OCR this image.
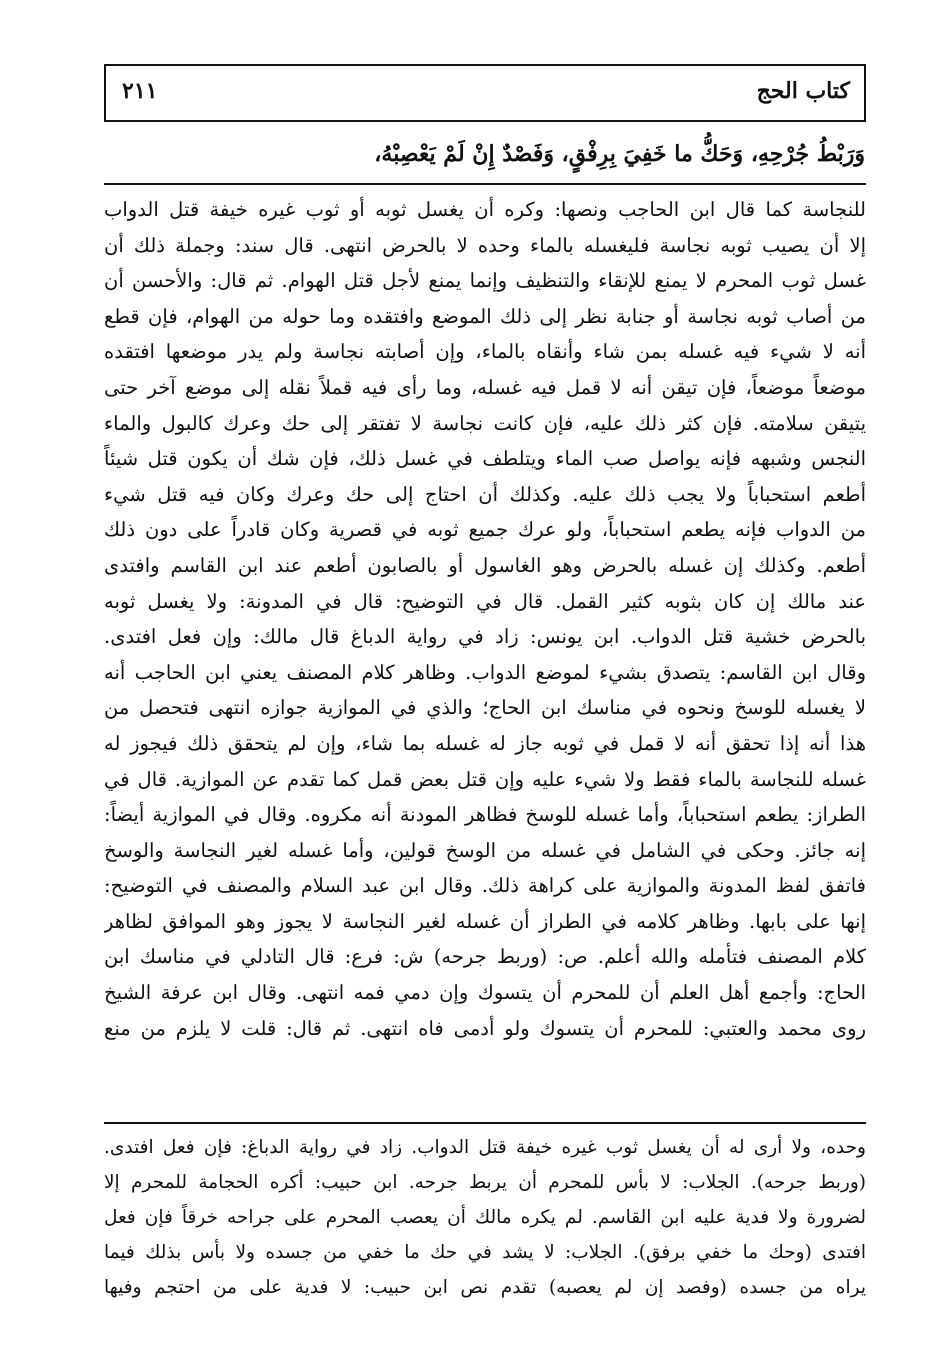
كتاب الحج
٢١١
وَرَبْطُ جُرْحِهِ، وَحَكُّ ما خَفِيَ بِرِفْقٍ، وَفَصْدٌ إِنْ لَمْ يَعْصِبْهُ،
للنجاسة كما قال ابن الحاجب ونصها: وكره أن يغسل ثوبه أو ثوب غيره خيفة قتل الدواب
إلا أن يصيب ثوبه نجاسة فليغسله بالماء وحده لا بالحرض انتهى. قال سند: وجملة ذلك أن
غسل ثوب المحرم لا يمنع للإنقاء والتنظيف وإنما يمنع لأجل قتل الهوام. ثم قال: والأحسن أن
من أصاب ثوبه نجاسة أو جنابة نظر إلى ذلك الموضع وافتقده وما حوله من الهوام، فإن قطع
أنه لا شيء فيه غسله بمن شاء وأنقاه بالماء، وإن أصابته نجاسة ولم يدر موضعها افتقده
موضعاً موضعاً، فإن تيقن أنه لا قمل فيه غسله، وما رأى فيه قملاً نقله إلى موضع آخر حتى
يتيقن سلامته. فإن كثر ذلك عليه، فإن كانت نجاسة لا تفتقر إلى حك وعرك كالبول والماء
النجس وشبهه فإنه يواصل صب الماء ويتلطف في غسل ذلك، فإن شك أن يكون قتل شيئاً
أطعم استحباباً ولا يجب ذلك عليه. وكذلك أن احتاج إلى حك وعرك وكان فيه قتل شيء
من الدواب فإنه يطعم استحباباً، ولو عرك جميع ثوبه في قصرية وكان قادراً على دون ذلك
أطعم. وكذلك إن غسله بالحرض وهو الغاسول أو بالصابون أطعم عند ابن القاسم وافتدى
عند مالك إن كان بثوبه كثير القمل. قال في التوضيح: قال في المدونة: ولا يغسل ثوبه
بالحرض خشية قتل الدواب. ابن يونس: زاد في رواية الدباغ قال مالك: وإن فعل افتدى.
وقال ابن القاسم: يتصدق بشيء لموضع الدواب. وظاهر كلام المصنف يعني ابن الحاجب أنه
لا يغسله للوسخ ونحوه في مناسك ابن الحاج؛ والذي في الموازية جوازه انتهى فتحصل من
هذا أنه إذا تحقق أنه لا قمل في ثوبه جاز له غسله بما شاء، وإن لم يتحقق ذلك فيجوز له
غسله للنجاسة بالماء فقط ولا شيء عليه وإن قتل بعض قمل كما تقدم عن الموازية. قال في
الطراز: يطعم استحباباً، وأما غسله للوسخ فظاهر المودنة أنه مكروه. وقال في الموازية أيضاً:
إنه جائز. وحكى في الشامل في غسله من الوسخ قولين، وأما غسله لغير النجاسة والوسخ
فاتفق لفظ المدونة والموازية على كراهة ذلك. وقال ابن عبد السلام والمصنف في التوضيح:
إنها على بابها. وظاهر كلامه في الطراز أن غسله لغير النجاسة لا يجوز وهو الموافق لظاهر
كلام المصنف فتأمله والله أعلم. ص: (وربط جرحه) ش: فرع: قال التادلي في مناسك ابن
الحاج: وأجمع أهل العلم أن للمحرم أن يتسوك وإن دمي فمه انتهى. وقال ابن عرفة الشيخ
روى محمد والعتبي: للمحرم أن يتسوك ولو أدمى فاه انتهى. ثم قال: قلت لا يلزم من منع
وحده، ولا أرى له أن يغسل ثوب غيره خيفة قتل الدواب. زاد في رواية الدباغ: فإن فعل افتدى.
(وربط جرحه). الجلاب: لا بأس للمحرم أن يربط جرحه. ابن حبيب: أكره الحجامة للمحرم إلا
لضرورة ولا فدية عليه ابن القاسم. لم يكره مالك أن يعصب المحرم على جراحه خرقاً فإن فعل
افتدى (وحك ما خفي برفق). الجلاب: لا يشد في حك ما خفي من جسده ولا بأس بذلك فيما
يراه من جسده (وفصد إن لم يعصبه) تقدم نص ابن حبيب: لا فدية على من احتجم وفيها
